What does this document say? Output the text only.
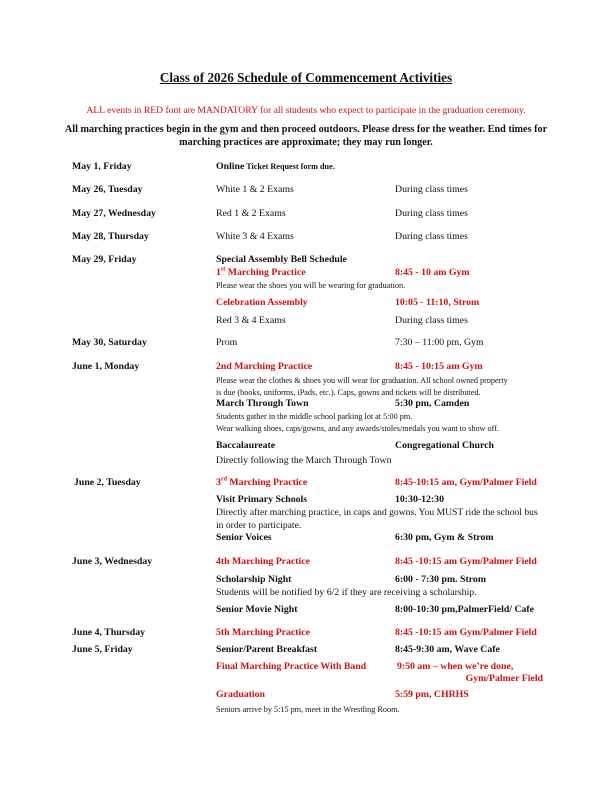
Class of 2026 Schedule of Commencement Activities
ALL events in RED font are MANDATORY for all students who expect to participate in the graduation ceremony.
All marching practices begin in the gym and then proceed outdoors. Please dress for the weather. End times for marching practices are approximate; they may run longer.
May 1, Friday	Online Ticket Request form due.
May 26, Tuesday	White 1 & 2 Exams	During class times
May 27, Wednesday	Red 1 & 2 Exams	During class times
May 28, Thursday	White 3 & 4 Exams	During class times
May 29, Friday	Special Assembly Bell Schedule
1st Marching Practice	8:45 - 10 am Gym
Please wear the shoes you will be wearing for graduation.
Celebration Assembly	10:05 - 11:10, Strom
Red 3 & 4 Exams	During class times
May 30, Saturday	Prom	7:30 – 11:00 pm, Gym
June 1, Monday	2nd Marching Practice	8:45 - 10:15 am Gym
Please wear the clothes & shoes you will wear for graduation. All school owned property
is due (books, uniforms, iPads, etc.). Caps, gowns and tickets will be distributed.
March Through Town	5:30 pm, Camden
Students gather in the middle school parking lot at 5:00 pm.
Wear walking shoes, caps/gowns, and any awards/stoles/medals you want to show off.
Baccalaureate	Congregational Church
Directly following the March Through Town
June 2, Tuesday	3rd Marching Practice	8:45-10:15 am, Gym/Palmer Field
Visit Primary Schools	10:30-12:30
Directly after marching practice, in caps and gowns. You MUST ride the school bus in order to participate.
Senior Voices	6:30 pm, Gym & Strom
June 3, Wednesday	4th Marching Practice	8:45 -10:15 am Gym/Palmer Field
Scholarship Night	6:00 - 7:30 pm. Strom
Students will be notified by 6/2 if they are receiving a scholarship.
Senior Movie Night	8:00-10:30 pm,PalmerField/ Cafe
June 4, Thursday	5th Marching Practice	8:45 -10:15 am Gym/Palmer Field
June 5, Friday	Senior/Parent Breakfast	8:45-9:30 am, Wave Cafe
Final Marching Practice With Band	9:50 am – when we’re done,
Gym/Palmer Field
Graduation	5:59 pm, CHRHS
Seniors arrive by 5:15 pm, meet in the Wrestling Room.
